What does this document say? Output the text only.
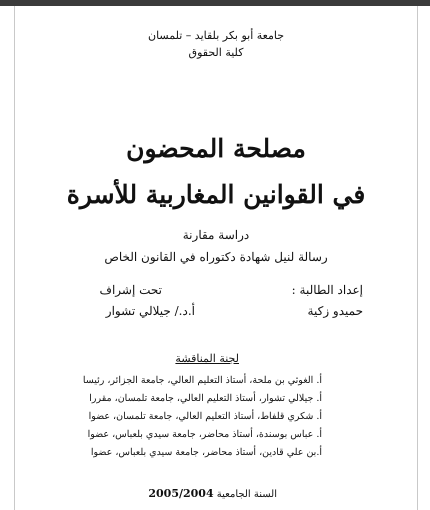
جامعة أبو بكر بلقايد – تلمسان
كلية الحقوق
مصلحة المحضون
في القوانين المغاربية للأسرة
دراسة مقارنة
رسالة لنيل شهادة دكتوراه في القانون الخاص
إعداد الطالبة :
تحت إشراف
حميدو زكية
أ.د./ جيلالي تشوار
لجنة المناقشة
أ. الغوثي بن ملحة، أستاذ التعليم العالي، جامعة الجزائر، رئيسا
أ. جيلالي تشوار، أستاذ التعليم العالي، جامعة تلمسان، مقررا
أ. شكري قلفاط، أستاذ التعليم العالي، جامعة تلمسان، عضوا
أ. عباس بوسندة، أستاذ محاضر، جامعة سيدي بلعباس، عضوا
أ.بن علي قادين، أستاذ محاضر، جامعة سيدي بلعباس، عضوا
السنة الجامعية 2005/2004
